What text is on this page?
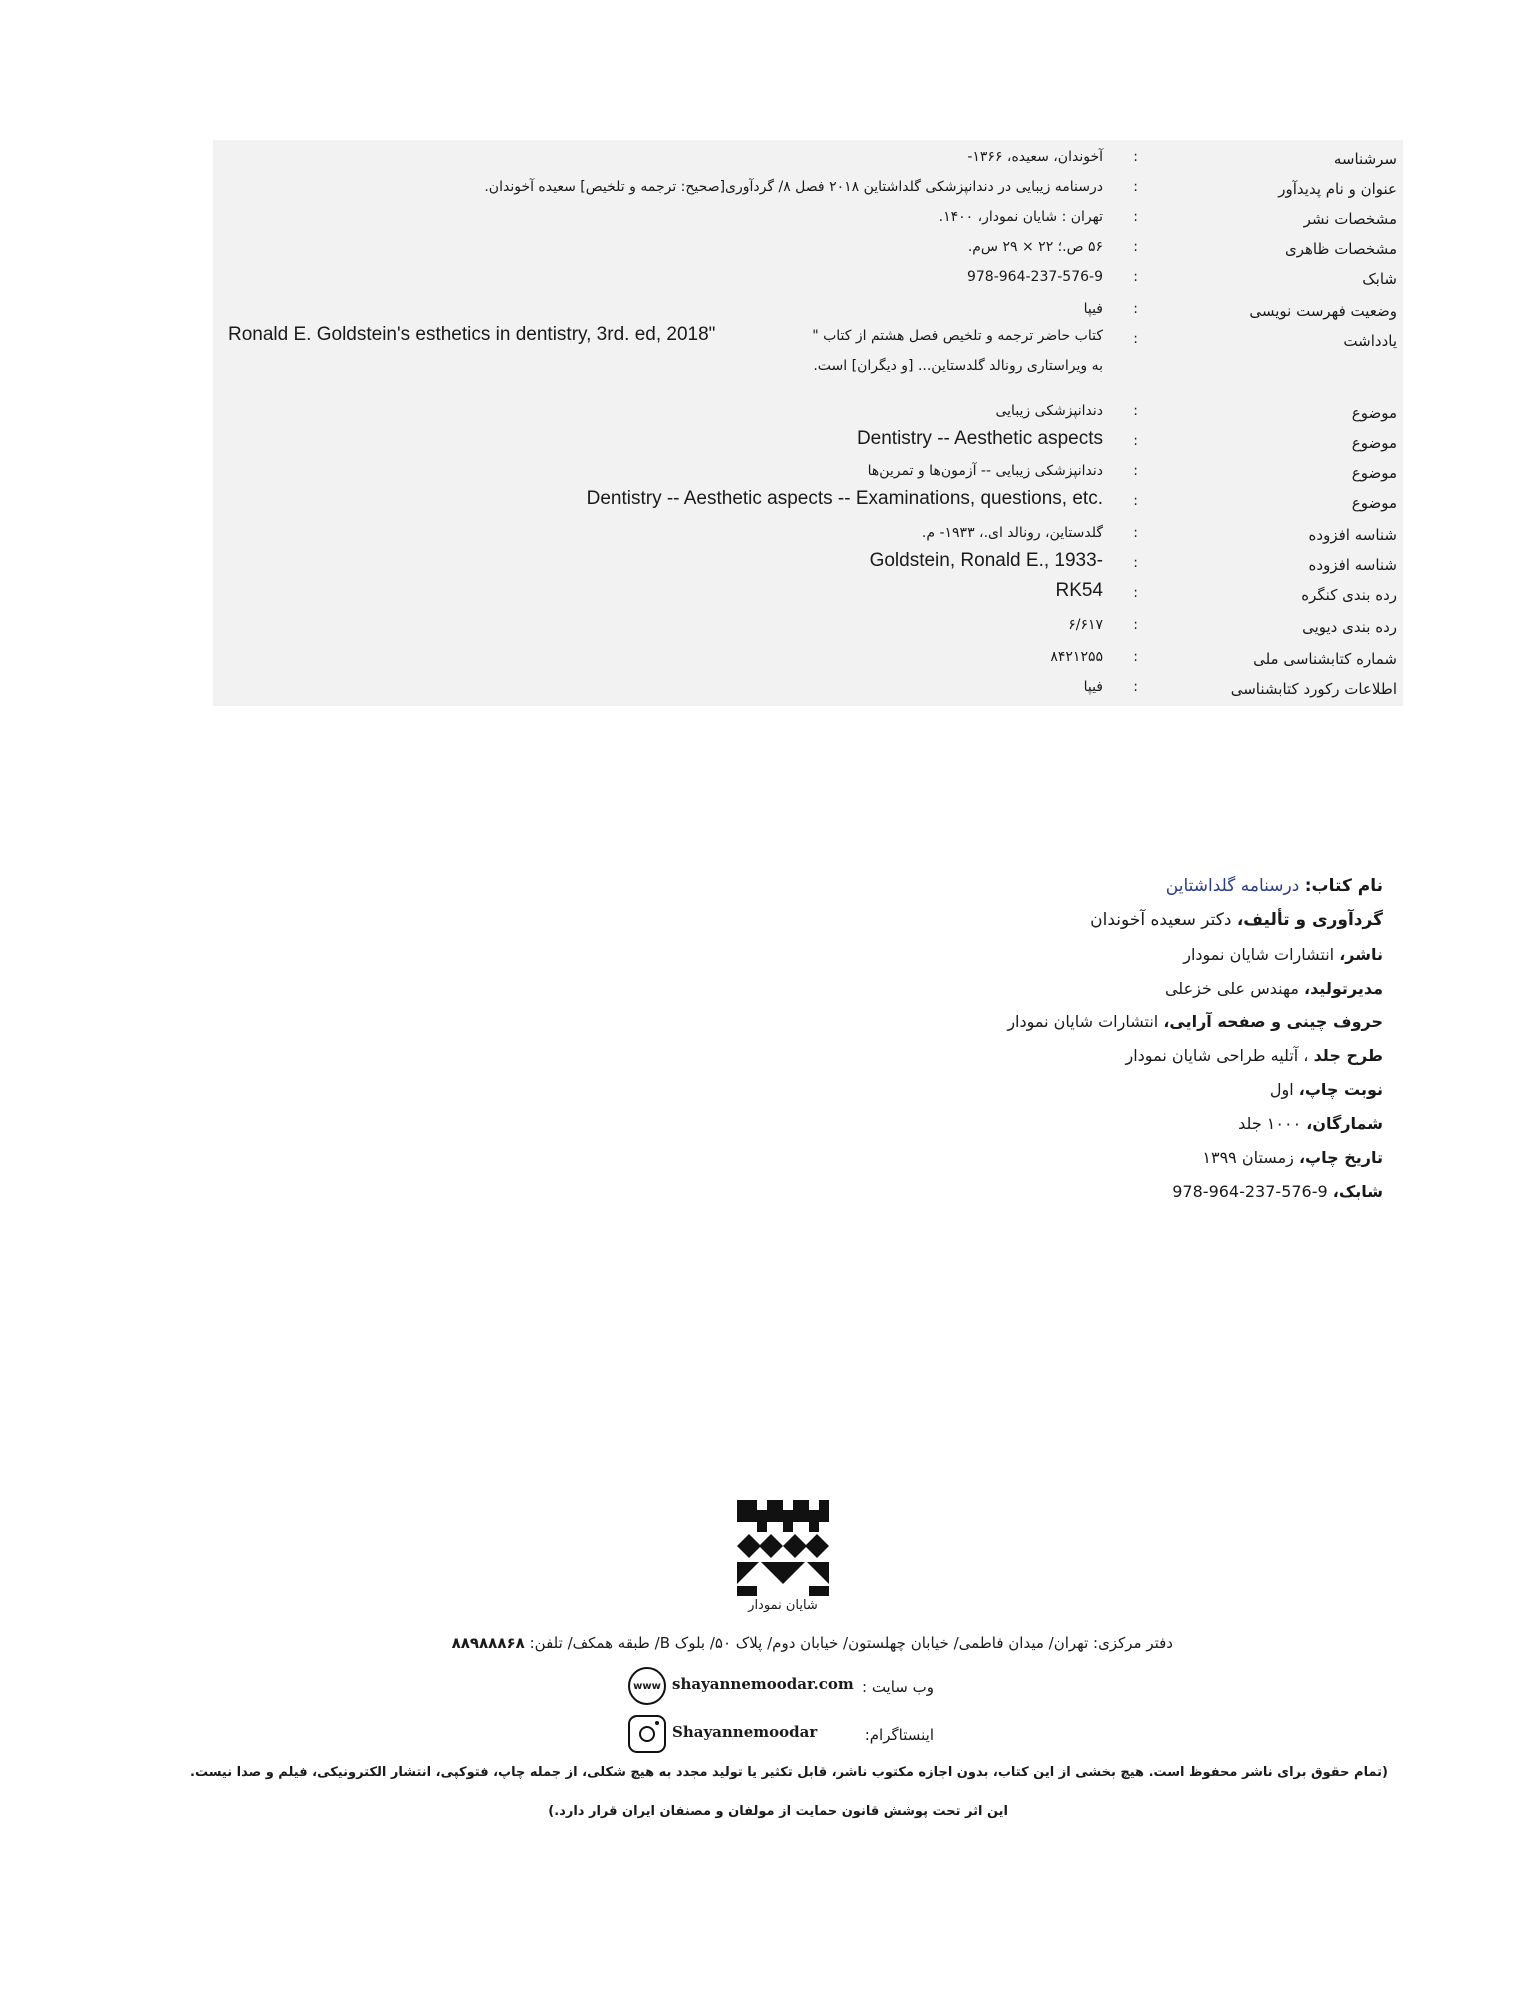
سرشناسه
:
آخوندان، سعیده، ۱۳۶۶-
عنوان و نام پدیدآور
:
درسنامه زیبایی در دندانپزشکی گلداشتاین ۲۰۱۸ فصل ۸/ گردآوری[صحیح: ترجمه و تلخیص] سعیده آخوندان.
مشخصات نشر
:
تهران : شایان نمودار، ۱۴۰۰.
مشخصات ظاهری
:
۵۶ ص.؛ ۲۲ × ۲۹ س‌م.
شابک
:
978-964-237-576-9
وضعیت فهرست نویسی
:
فیپا
یادداشت
:
کتاب حاضر ترجمه و تلخیص فصل هشتم از کتاب "
به ویراستاری رونالد گلدستاین... [و دیگران] است.
Ronald E. Goldstein's esthetics in dentistry, 3rd. ed, 2018"
موضوع
:
دندانپزشکی زیبایی
موضوع
:
Dentistry -- Aesthetic aspects
موضوع
:
دندانپزشکی زیبایی -- آزمون‌ها و تمرین‌ها
موضوع
:
Dentistry -- Aesthetic aspects -- Examinations, questions, etc.
شناسه افزوده
:
گلدستاین، رونالد ای.، ۱۹۳۳- م.
شناسه افزوده
:
Goldstein, Ronald E., 1933-
رده بندی کنگره
:
RK54
رده بندی دیویی
:
۶/۶۱۷
شماره کتابشناسی ملی
:
۸۴۲۱۲۵۵
اطلاعات رکورد کتابشناسی
:
فیپا
نام کتاب: درسنامه گلداشتاین
گردآوری و تألیف، دکتر سعیده آخوندان
ناشر، انتشارات شایان نمودار
مدیرتولید، مهندس علی خزعلی
حروف چینی و صفحه آرایی، انتشارات شایان نمودار
طرح جلد ، آتلیه طراحی شایان نمودار
نوبت چاپ، اول
شمارگان، ۱۰۰۰ جلد
تاریخ چاپ، زمستان ۱۳۹۹
شابک، 978-964-237-576-9
شایان نمودار
دفتر مرکزی: تهران/ میدان فاطمی/ خیابان چهلستون/ خیابان دوم/ پلاک ۵۰/ بلوک B/ طبقه همکف/ تلفن: ۸۸۹۸۸۸۶۸
www shayannemoodar.com وب سایت :
Shayannemoodar	اینستاگرام:
(تمام حقوق برای ناشر محفوظ است. هیچ بخشی از این کتاب، بدون اجازه مکتوب ناشر، قابل تکثیر یا تولید مجدد به هیچ شکلی، از جمله چاپ، فتوکپی، انتشار الکترونیکی، فیلم و صدا نیست.
این اثر تحت پوشش قانون حمایت از مولفان و مصنفان ایران قرار دارد.)
